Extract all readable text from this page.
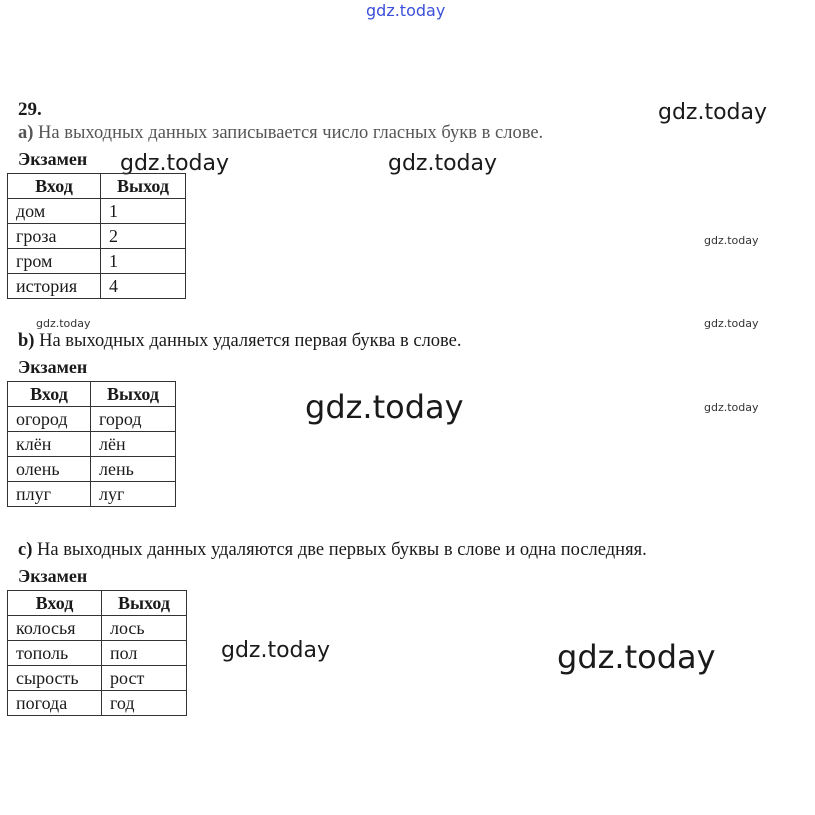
gdz.today
gdz.today
gdz.today	gdz.today
gdz.today
gdz.today	gdz.today
gdz.today	gdz.today
gdz.today	gdz.today
29.
a) На выходных данных записывается число гласных букв в слове.
Экзамен
Вход	Выход
дом	1
гроза	2
гром	1
история	4
b) На выходных данных удаляется первая буква в слове.
Экзамен
Вход	Выход
огород	город
клён	лён
олень	лень
плуг	луг
c) На выходных данных удаляются две первых буквы в слове и одна последняя.
Экзамен
Вход	Выход
колосья	лось
тополь	пол
сырость	рост
погода	год
